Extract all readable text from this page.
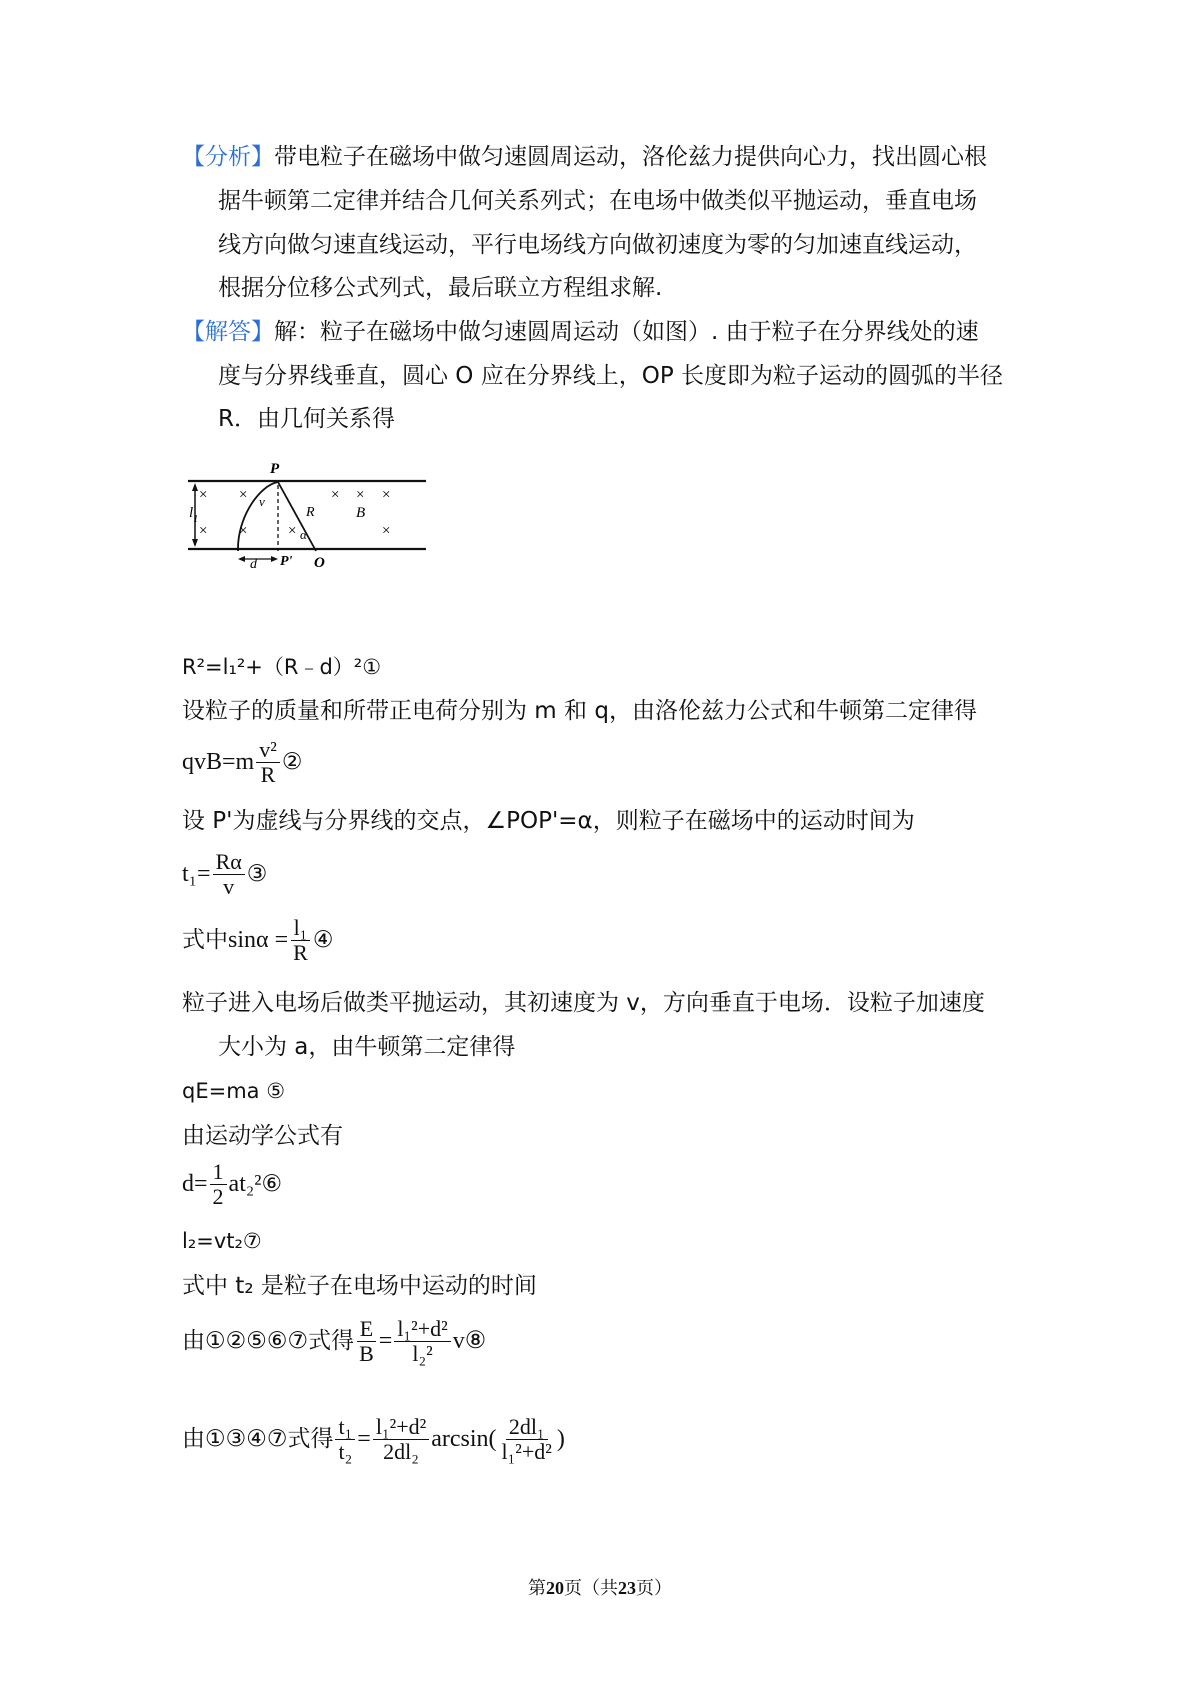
【分析】带电粒子在磁场中做匀速圆周运动，洛伦兹力提供向心力，找出圆心根
据牛顿第二定律并结合几何关系列式；在电场中做类似平抛运动，垂直电场
线方向做匀速直线运动，平行电场线方向做初速度为零的匀加速直线运动，
根据分位移公式列式，最后联立方程组求解.
【解答】解：粒子在磁场中做匀速圆周运动（如图）. 由于粒子在分界线处的速
度与分界线垂直，圆心 O 应在分界线上，OP 长度即为粒子运动的圆弧的半径
R．由几何关系得
$l_1$
P
v
R	B
α
O
P'
d
× ×	× × ×
× ×	×	×
R²=l₁²+（R﹣d）²①
设粒子的质量和所带正电荷分别为 m 和 q，由洛伦兹力公式和牛顿第二定律得
$qvB=m \frac{\text{v²}}{R}$ ②
设 P'为虚线与分界线的交点，∠POP'=α，则粒子在磁场中的运动时间为
$t_1= \frac{R\alpha}{v}$ ③
式中$\sin\alpha = \frac{\text{l₁}}{R}$ ④
粒子进入电场后做类平抛运动，其初速度为 v，方向垂直于电场．设粒子加速度
大小为 a，由牛顿第二定律得
qE=ma ⑤
由运动学公式有
$d= \frac{1}{2}$ at₂²⑥
l₂=vt₂⑦
式中 t₂ 是粒子在电场中运动的时间
由①②⑤⑥⑦式得 $\frac{E}{B} = \frac{\text{l₁²+d²}}{\text{l₂²}}$ v⑧
由①③④⑦式得 $\frac{\text{t₁}}{\text{t₂}} = \frac{\text{l₁²+d²}}{\text{2dl₂}} \arcsin( \frac{\text{2dl₁}}{\text{l₁²+d²}}$ )
第20页（共23页）
